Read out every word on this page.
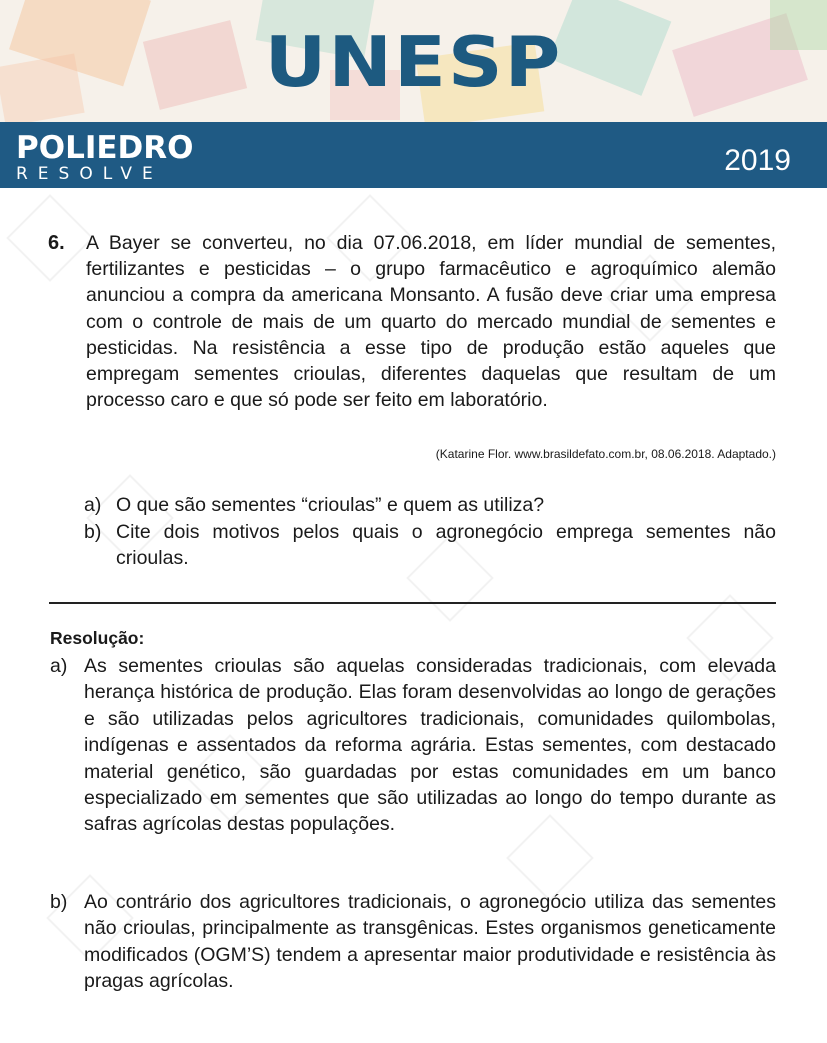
UNESP
POLIEDRO
RESOLVE	2019
6. A Bayer se converteu, no dia 07.06.2018, em líder mundial de sementes, fertilizantes e pesticidas – o grupo farmacêutico e agroquímico alemão anunciou a compra da americana Monsanto. A fusão deve criar uma empresa com o controle de mais de um quarto do mercado mundial de sementes e pesticidas. Na resistência a esse tipo de produção estão aqueles que empregam sementes crioulas, diferentes daquelas que resultam de um processo caro e que só pode ser feito em laboratório.
(Katarine Flor. www.brasildefato.com.br, 08.06.2018. Adaptado.)
a) O que são sementes “crioulas” e quem as utiliza?
b) Cite dois motivos pelos quais o agronegócio emprega sementes não crioulas.
Resolução:
a) As sementes crioulas são aquelas consideradas tradicionais, com elevada herança histórica de produção. Elas foram desenvolvidas ao longo de gerações e são utilizadas pelos agricultores tradicionais, comunidades quilombolas, indígenas e assentados da reforma agrária. Estas sementes, com destacado material genético, são guardadas por estas comunidades em um banco especializado em sementes que são utilizadas ao longo do tempo durante as safras agrícolas destas populações.
b) Ao contrário dos agricultores tradicionais, o agronegócio utiliza das sementes não crioulas, principalmente as transgênicas. Estes organismos geneticamente modificados (OGM’S) tendem a apresentar maior produtividade e resistência às pragas agrícolas.
